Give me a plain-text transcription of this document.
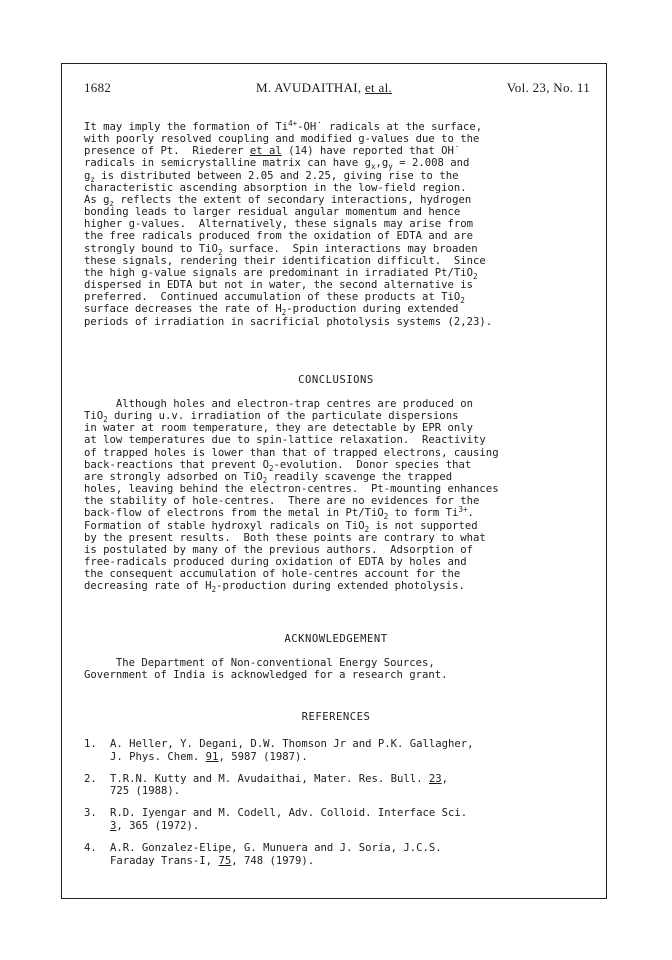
1682	M. AVUDAITHAI, et al.	Vol. 23, No. 11
It may imply the formation of $Ti^{4+}-OH˙$ radicals at the surface,
with poorly resolved coupling and modified g-values due to the
presence of Pt.  Riederer et al (14) have reported that OH˙
radicals in semicrystalline matrix can have $g_x,g_y = 2.008$ and
$g_z$ is distributed between 2.05 and 2.25, giving rise to the
characteristic ascending absorption in the low-field region.
As $g_z$ reflects the extent of secondary interactions, hydrogen
bonding leads to larger residual angular momentum and hence
higher g-values.  Alternatively, these signals may arise from
the free radicals produced from the oxidation of EDTA and are
strongly bound to TiO$_2$ surface.  Spin interactions may broaden
these signals, rendering their identification difficult.  Since
the high g-value signals are predominant in irradiated Pt/TiO$_2$
dispersed in EDTA but not in water, the second alternative is
preferred.  Continued accumulation of these products at TiO$_2$
surface decreases the rate of $H_2$-production during extended
periods of irradiation in sacrificial photolysis systems (2,23).
CONCLUSIONS
Although holes and electron-trap centres are produced on
TiO$_2$ during u.v. irradiation of the particulate dispersions
in water at room temperature, they are detectable by EPR only
at low temperatures due to spin-lattice relaxation.  Reactivity
of trapped holes is lower than that of trapped electrons, causing
back-reactions that prevent $O_2$-evolution.  Donor species that
are strongly adsorbed on TiO$_2$ readily scavenge the trapped
holes, leaving behind the electron-centres.  Pt-mounting enhances
the stability of hole-centres.  There are no evidences for the
back-flow of electrons from the metal in Pt/TiO$_2$ to form $Ti^{3+}$.
Formation of stable hydroxyl radicals on TiO$_2$ is not supported
by the present results.  Both these points are contrary to what
is postulated by many of the previous authors.  Adsorption of
free-radicals produced during oxidation of EDTA by holes and
the consequent accumulation of hole-centres account for the
decreasing rate of $H_2$-production during extended photolysis.
ACKNOWLEDGEMENT
The Department of Non-conventional Energy Sources,
Government of India is acknowledged for a research grant.
REFERENCES
1. A. Heller, Y. Degani, D.W. Thomson Jr and P.K. Gallagher,
J. Phys. Chem. 91, 5987 (1987).
2. T.R.N. Kutty and M. Avudaithai, Mater. Res. Bull. 23,
725 (1988).
3. R.D. Iyengar and M. Codell, Adv. Colloid. Interface Sci.
3, 365 (1972).
4. A.R. Gonzalez-Elipe, G. Munuera and J. Soria, J.C.S.
Faraday Trans-I, 75, 748 (1979).
